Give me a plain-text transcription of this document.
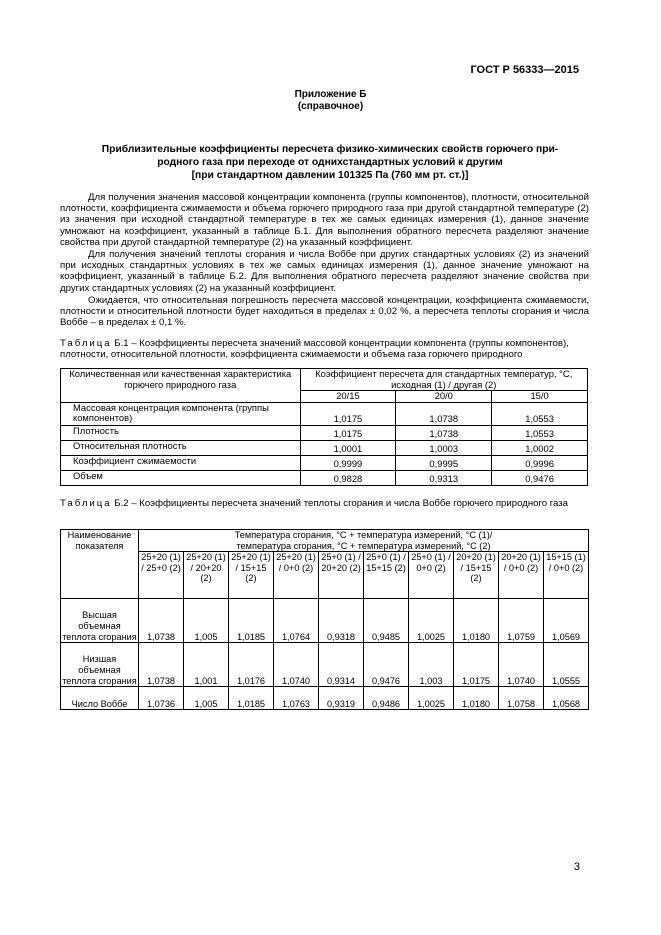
ГОСТ Р 56333—2015
Приложение Б
(справочное)
Приблизительные коэффициенты пересчета физико-химических свойств горючего при-
родного газа при переходе от однихстандартных условий к другим
[при стандартном давлении 101325 Па (760 мм рт. ст.)]
Для получения значения массовой концентрации компонента (группы компонентов), плотности, относительной плотности, коэффициента сжимаемости и объема горючего природного газа при другой стандартной температуре (2) из значения при исходной стандартной температуре в тех же самых единицах измерения (1), данное значение умножают на коэффициент, указанный в таблице Б.1. Для выполнения обратного пересчета разделяют значение свойства при другой стандартной температуре (2) на указанный коэффициент.
Для получения значений теплоты сгорания и числа Воббе при других стандартных условиях (2) из значений при исходных стандартных условиях в тех же самых единицах измерения (1), данное значение умножают на коэффициент, указанный в таблице Б.2. Для выполнения обратного пересчета разделяют значение свойства при других стандартных условиях (2) на указанный коэффициент.
Ожидается, что относительная погрешность пересчета массовой концентрации, коэффициента сжимаемости, плотности и относительной плотности будет находиться в пределах ± 0,02 %, а пересчета теплоты сгорания и числа Воббе – в пределах ± 0,1 %.
Таблица Б.1 – Коэффициенты пересчета значений массовой концентрации компонента (группы компонентов), плотности, относительной плотности, коэффициента сжимаемости и объема газа горючего природного
Количественная или качественная характеристика горючего природного газа	Коэффициент пересчета для стандартных температур, °С, исходная (1) / другая (2)		
	20/15	20/0	15/0
Массовая концентрация компонента (группы компонентов)	1,0175	1,0738	1,0553
Плотность	1,0175	1,0738	1,0553
Относительная плотность	1,0001	1,0003	1,0002
Коэффициент сжимаемости	0,9999	0,9995	0,9996
Объем	0,9828	0,9313	0,9476
Таблица Б.2 – Коэффициенты пересчета значений теплоты сгорания и числа Воббе горючего природного газа
Наименование показателя	Температура сгорания, °С + температура измерений, °С (1)/
температура сгорания, °С + температура измерений, °С (2)									

	25+20 (1) / 25+0 (2)	25+20 (1) / 20+20 (2)	25+20 (1) / 15+15 (2)	25+20 (1) / 0+0 (2)	25+0 (1) / 20+20 (2)	25+0 (1) / 15+15 (2)	25+0 (1) / 0+0 (2)	20+20 (1) / 15+15 (2)	20+20 (1) / 0+0 (2)	15+15 (1) / 0+0 (2)
Высшая объемная теплота сгорания	1,0738	1,005	1,0185	1,0764	0,9318	0,9485	1,0025	1,0180	1,0759	1,0569
Низшая объемная теплота сгорания	1,0738	1,001	1,0176	1,0740	0,9314	0,9476	1,003	1,0175	1,0740	1,0555
Число Воббе	1,0736	1,005	1,0185	1,0763	0,9319	0,9486	1,0025	1,0180	1,0758	1,0568
3
